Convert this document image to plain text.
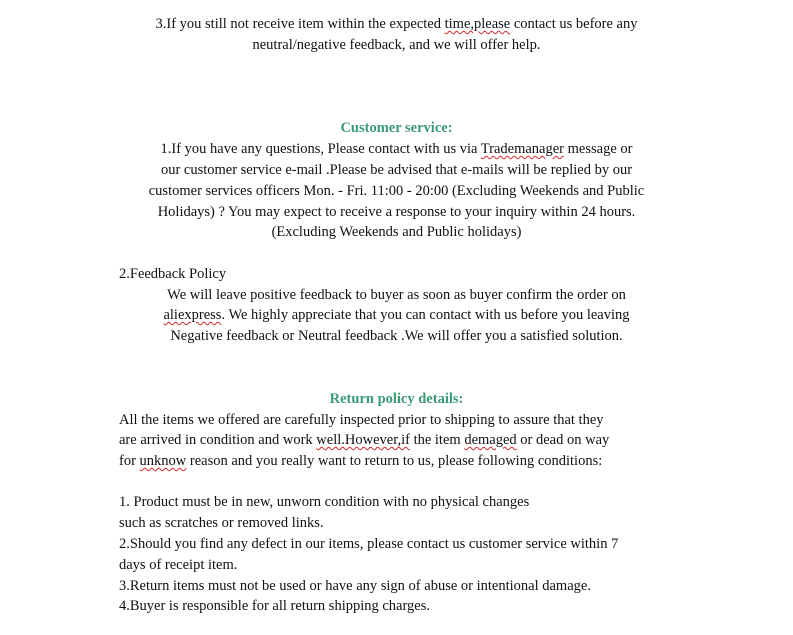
3.If you still not receive item within the expected time,please contact us before any

neutral/negative feedback, and we will offer help.

Customer service:

1.If you have any questions, Please contact with us via Trademanager message or

our customer service e-mail .Please be advised that e-mails will be replied by our

customer services officers Mon. - Fri. 11:00 - 20:00 (Excluding Weekends and Public

Holidays) ? You may expect to receive a response to your inquiry within 24 hours.

(Excluding Weekends and Public holidays)

2.Feedback Policy

We will leave positive feedback to buyer as soon as buyer confirm the order on

aliexpress. We highly appreciate that you can contact with us before you leaving

Negative feedback or Neutral feedback .We will offer you a satisfied solution.

Return policy details:

All the items we offered are carefully inspected prior to shipping to assure that they

are arrived in condition and work well.However,if the item demaged or dead on way

for unknow reason and you really want to return to us, please following conditions:

1. Product must be in new, unworn condition with no physical changes

such as scratches or removed links.

2.Should you find any defect in our items, please contact us customer service within 7

days of receipt item.

3.Return items must not be used or have any sign of abuse or intentional damage.

4.Buyer is responsible for all return shipping charges.
